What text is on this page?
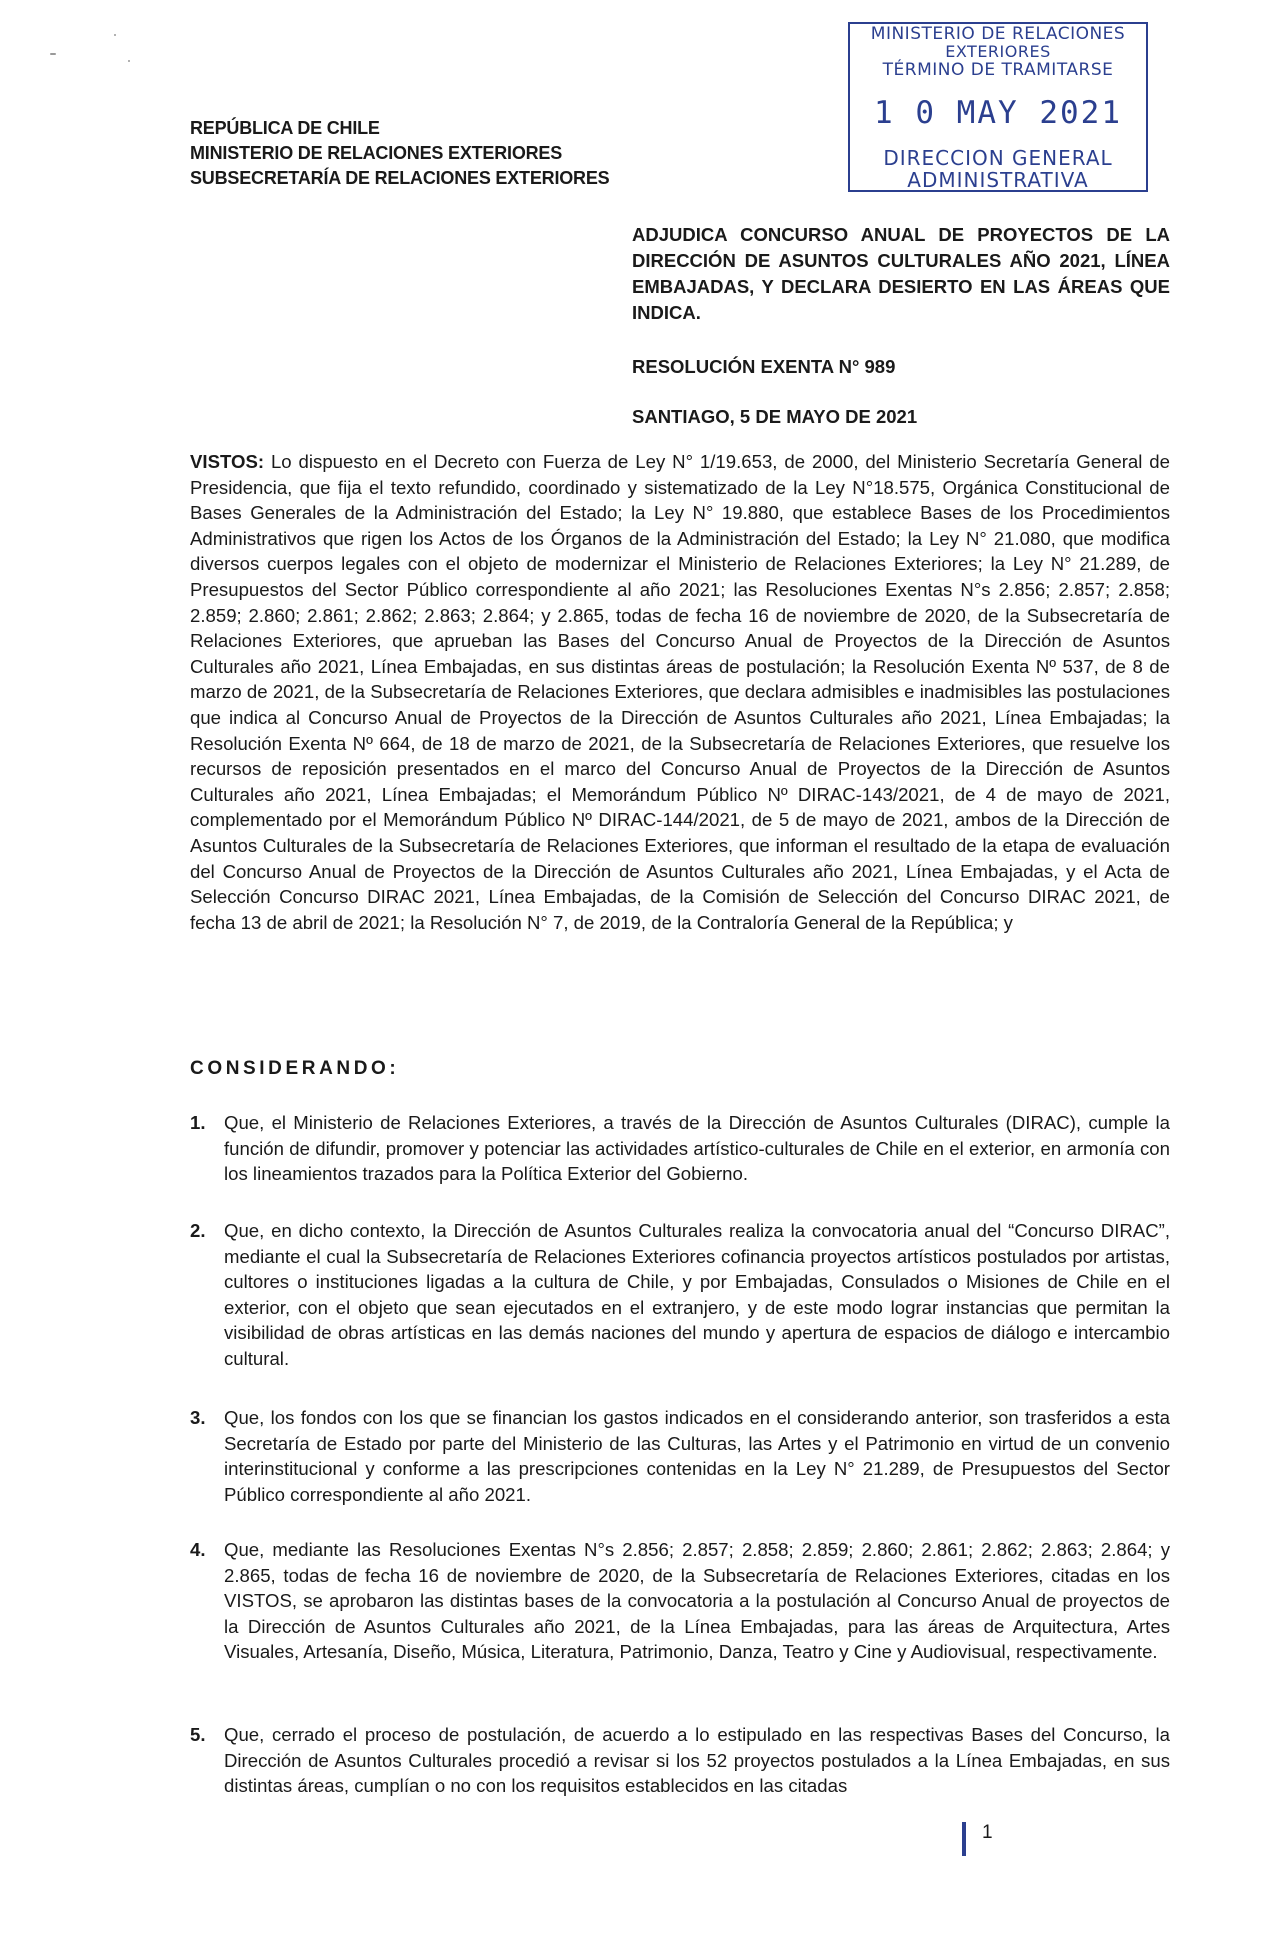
MINISTERIO DE RELACIONES
EXTERIORES
TÉRMINO DE TRAMITARSE
1 0 MAY 2021
DIRECCION GENERAL
ADMINISTRATIVA
REPÚBLICA DE CHILE
MINISTERIO DE RELACIONES EXTERIORES
SUBSECRETARÍA DE RELACIONES EXTERIORES
ADJUDICA CONCURSO ANUAL DE PROYECTOS DE LA DIRECCIÓN DE ASUNTOS CULTURALES AÑO 2021, LÍNEA EMBAJADAS, Y DECLARA DESIERTO EN LAS ÁREAS QUE INDICA.
RESOLUCIÓN EXENTA N° 989
SANTIAGO, 5 DE MAYO DE 2021
VISTOS: Lo dispuesto en el Decreto con Fuerza de Ley N° 1/19.653, de 2000, del Ministerio Secretaría General de Presidencia, que fija el texto refundido, coordinado y sistematizado de la Ley N°18.575, Orgánica Constitucional de Bases Generales de la Administración del Estado; la Ley N° 19.880, que establece Bases de los Procedimientos Administrativos que rigen los Actos de los Órganos de la Administración del Estado; la Ley N° 21.080, que modifica diversos cuerpos legales con el objeto de modernizar el Ministerio de Relaciones Exteriores; la Ley N° 21.289, de Presupuestos del Sector Público correspondiente al año 2021; las Resoluciones Exentas N°s 2.856; 2.857; 2.858; 2.859; 2.860; 2.861; 2.862; 2.863; 2.864; y 2.865, todas de fecha 16 de noviembre de 2020, de la Subsecretaría de Relaciones Exteriores, que aprueban las Bases del Concurso Anual de Proyectos de la Dirección de Asuntos Culturales año 2021, Línea Embajadas, en sus distintas áreas de postulación; la Resolución Exenta Nº 537, de 8 de marzo de 2021, de la Subsecretaría de Relaciones Exteriores, que declara admisibles e inadmisibles las postulaciones que indica al Concurso Anual de Proyectos de la Dirección de Asuntos Culturales año 2021, Línea Embajadas; la Resolución Exenta Nº 664, de 18 de marzo de 2021, de la Subsecretaría de Relaciones Exteriores, que resuelve los recursos de reposición presentados en el marco del Concurso Anual de Proyectos de la Dirección de Asuntos Culturales año 2021, Línea Embajadas; el Memorándum Público Nº DIRAC-143/2021, de 4 de mayo de 2021, complementado por el Memorándum Público Nº DIRAC-144/2021, de 5 de mayo de 2021, ambos de la Dirección de Asuntos Culturales de la Subsecretaría de Relaciones Exteriores, que informan el resultado de la etapa de evaluación del Concurso Anual de Proyectos de la Dirección de Asuntos Culturales año 2021, Línea Embajadas, y el Acta de Selección Concurso DIRAC 2021, Línea Embajadas, de la Comisión de Selección del Concurso DIRAC 2021, de fecha 13 de abril de 2021; la Resolución N° 7, de 2019, de la Contraloría General de la República; y
CONSIDERANDO:
1. Que, el Ministerio de Relaciones Exteriores, a través de la Dirección de Asuntos Culturales (DIRAC), cumple la función de difundir, promover y potenciar las actividades artístico-culturales de Chile en el exterior, en armonía con los lineamientos trazados para la Política Exterior del Gobierno.
2. Que, en dicho contexto, la Dirección de Asuntos Culturales realiza la convocatoria anual del “Concurso DIRAC”, mediante el cual la Subsecretaría de Relaciones Exteriores cofinancia proyectos artísticos postulados por artistas, cultores o instituciones ligadas a la cultura de Chile, y por Embajadas, Consulados o Misiones de Chile en el exterior, con el objeto que sean ejecutados en el extranjero, y de este modo lograr instancias que permitan la visibilidad de obras artísticas en las demás naciones del mundo y apertura de espacios de diálogo e intercambio cultural.
3. Que, los fondos con los que se financian los gastos indicados en el considerando anterior, son trasferidos a esta Secretaría de Estado por parte del Ministerio de las Culturas, las Artes y el Patrimonio en virtud de un convenio interinstitucional y conforme a las prescripciones contenidas en la Ley N° 21.289, de Presupuestos del Sector Público correspondiente al año 2021.
4. Que, mediante las Resoluciones Exentas N°s 2.856; 2.857; 2.858; 2.859; 2.860; 2.861; 2.862; 2.863; 2.864; y 2.865, todas de fecha 16 de noviembre de 2020, de la Subsecretaría de Relaciones Exteriores, citadas en los VISTOS, se aprobaron las distintas bases de la convocatoria a la postulación al Concurso Anual de proyectos de la Dirección de Asuntos Culturales año 2021, de la Línea Embajadas, para las áreas de Arquitectura, Artes Visuales, Artesanía, Diseño, Música, Literatura, Patrimonio, Danza, Teatro y Cine y Audiovisual, respectivamente.
5. Que, cerrado el proceso de postulación, de acuerdo a lo estipulado en las respectivas Bases del Concurso, la Dirección de Asuntos Culturales procedió a revisar si los 52 proyectos postulados a la Línea Embajadas, en sus distintas áreas, cumplían o no con los requisitos establecidos en las citadas
1
